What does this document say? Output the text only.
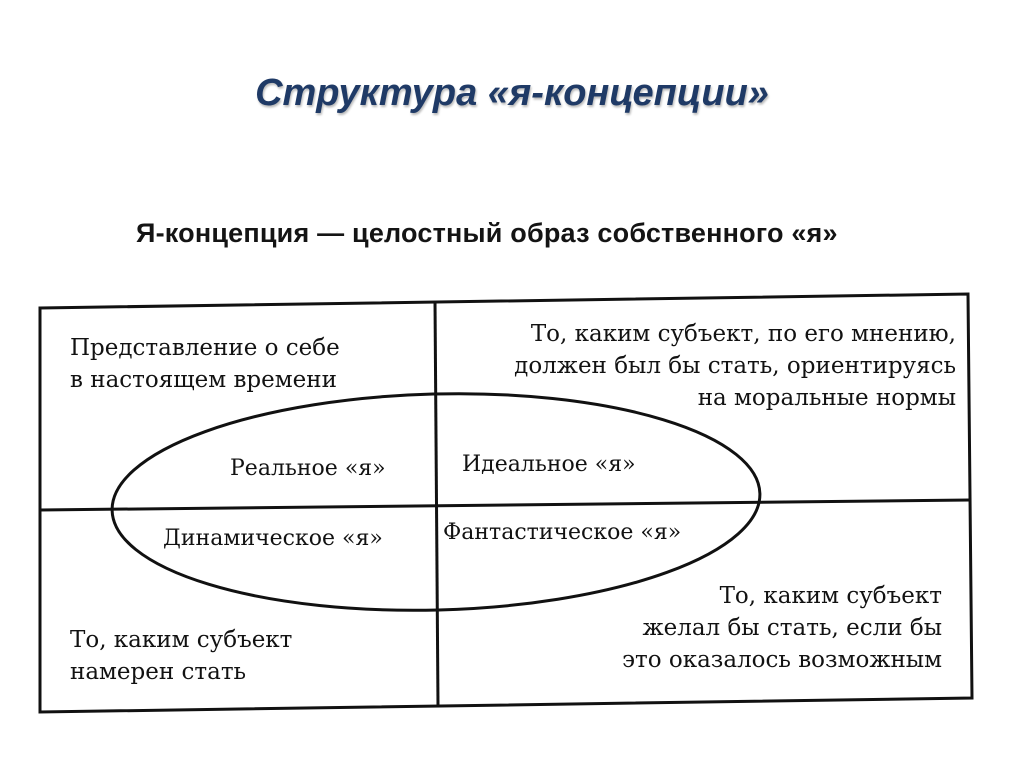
Структура «я-концепции»
Я-концепция — целостный образ собственного «я»
Представление о себе
в настоящем времени
То, каким субъект, по его мнению,
должен был бы стать, ориентируясь
на моральные нормы
То, каким субъект
намерен стать
То, каким субъект
желал бы стать, если бы
это оказалось возможным
Реальное «я»	Идеальное «я»
Динамическое «я»	Фантастическое «я»
